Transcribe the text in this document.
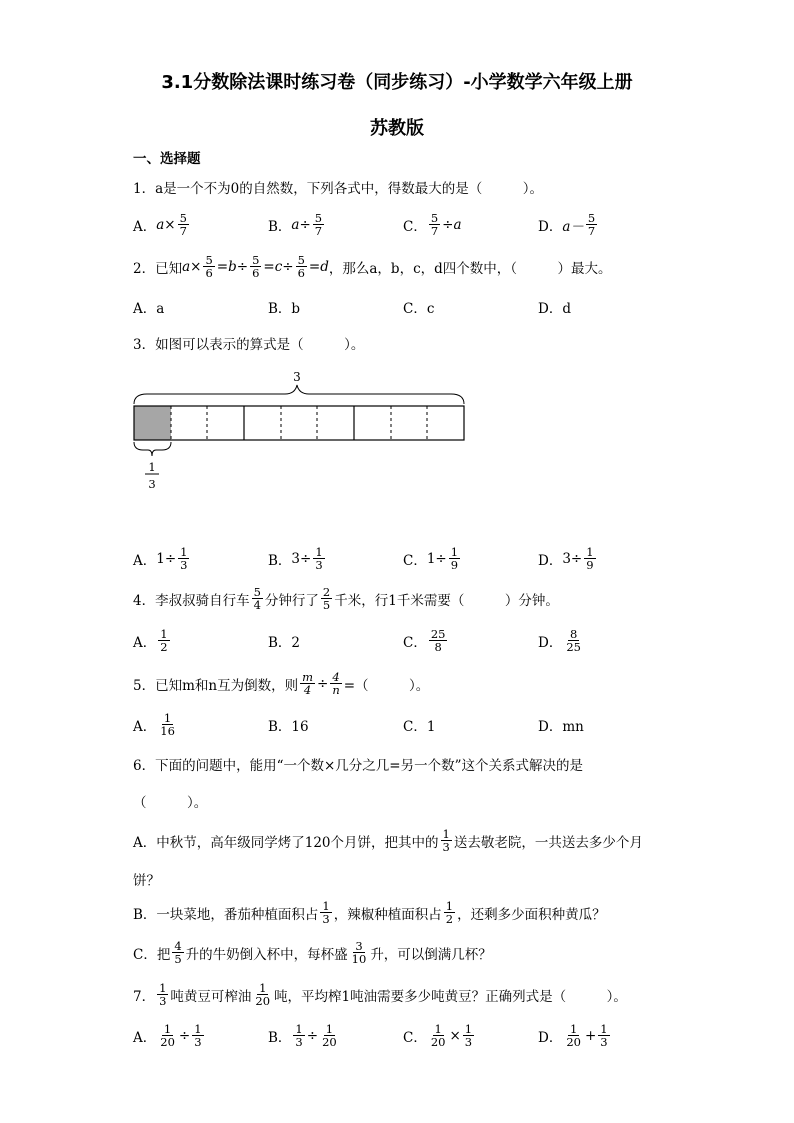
3.1分数除法课时练习卷（同步练习）-小学数学六年级上册
苏教版
一、选择题
1．a是一个不为0的自然数，下列各式中，得数最大的是（　　　）。
A． $a\times \frac{5}{7}$	B． $a\div \frac{5}{7}$	C． $\frac{5}{7} \div a$	D． $a- \frac{5}{7}$
2．已知 $a\times \frac{5}{6} =b\div \frac{5}{6} =c\div \frac{5}{6} =d$ ，那么a，b，c，d四个数中，（　　　）最大。
A．a	B．b	C．c	D．d
3．如图可以表示的算式是（　　　）。
3
1
3
A． $1\div \frac{1}{3}$	B． $3\div \frac{1}{3}$	C． $1\div \frac{1}{9}$	D． $3\div \frac{1}{9}$
4．李叔叔骑自行车 $\frac{5}{4}$ 分钟行了 $\frac{2}{5}$ 千米，行1千米需要（　　　）分钟。
A． $\frac{1}{2}$	B．2	C． $\frac{25}{8}$	D． $\frac{8}{25}$
5．已知m和n互为倒数，则 $\frac{m}{4} \div \frac{4}{n}$ =（　　　）。
A． $\frac{1}{16}$	B．16	C．1	D．mn
6．下面的问题中，能用“一个数×几分之几=另一个数”这个关系式解决的是
（　　　）。
A．中秋节，高年级同学烤了120个月饼，把其中的 $\frac{1}{3}$ 送去敬老院，一共送去多少个月
饼？
B．一块菜地，番茄种植面积占 $\frac{1}{3}$ ，辣椒种植面积占 $\frac{1}{2}$ ，还剩多少面积种黄瓜？
C．把 $\frac{4}{5}$ 升的牛奶倒入杯中，每杯盛 $\frac{3}{10}$ 升，可以倒满几杯？
7． $\frac{1}{3}$ 吨黄豆可榨油 $\frac{1}{20}$ 吨，平均榨1吨油需要多少吨黄豆？正确列式是（　　　）。
A． $\frac{1}{20} \div \frac{1}{3}$	B． $\frac{1}{3} \div \frac{1}{20}$	C． $\frac{1}{20} \times \frac{1}{3}$	D． $\frac{1}{20} + \frac{1}{3}$
